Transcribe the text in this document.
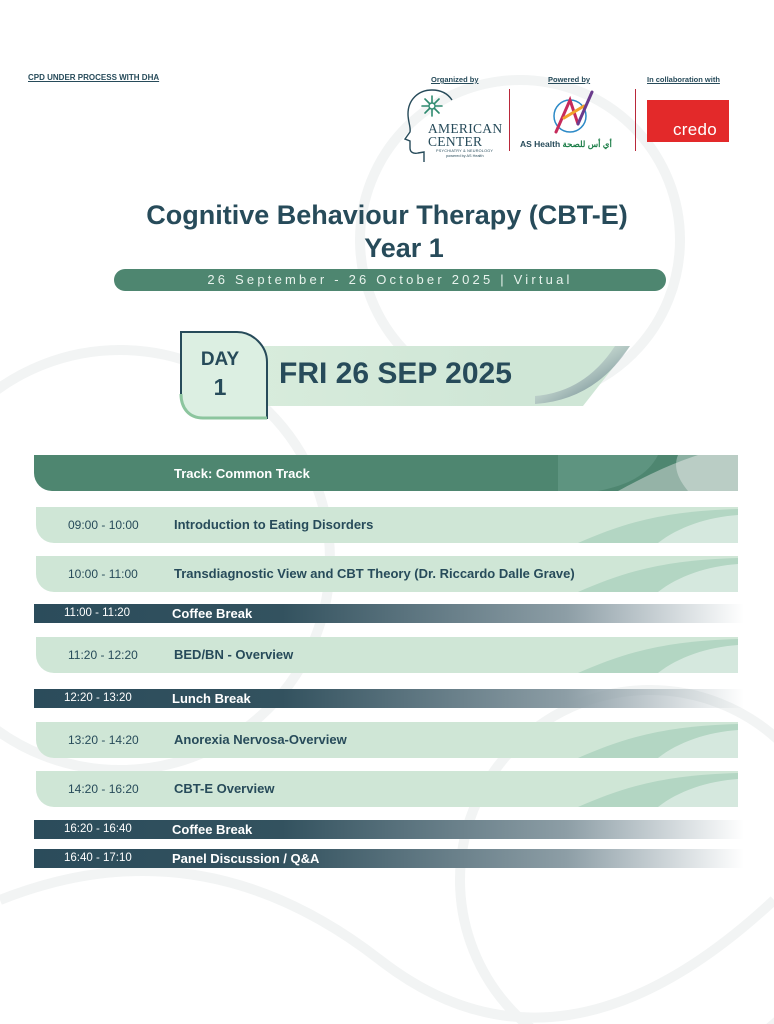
CPD UNDER PROCESS WITH DHA	Organized by	Powered by	In collaboration with
AMERICAN
CENTER
PSYCHIATRY & NEUROLOGY
powered by AS Health
AS Health أي أس للصحة
credo
Cognitive Behaviour Therapy (CBT-E)
Year 1
26 September - 26 October 2025 | Virtual
DAY
1	FRI 26 SEP 2025
Track: Common Track
09:00 - 10:00	Introduction to Eating Disorders
10:00 - 11:00	Transdiagnostic View and CBT Theory (Dr. Riccardo Dalle Grave)
11:00 - 11:20	Coffee Break
11:20 - 12:20	BED/BN - Overview
12:20 - 13:20	Lunch Break
13:20 - 14:20	Anorexia Nervosa-Overview
14:20 - 16:20	CBT-E Overview
16:20 - 16:40	Coffee Break
16:40 - 17:10	Panel Discussion / Q&A
